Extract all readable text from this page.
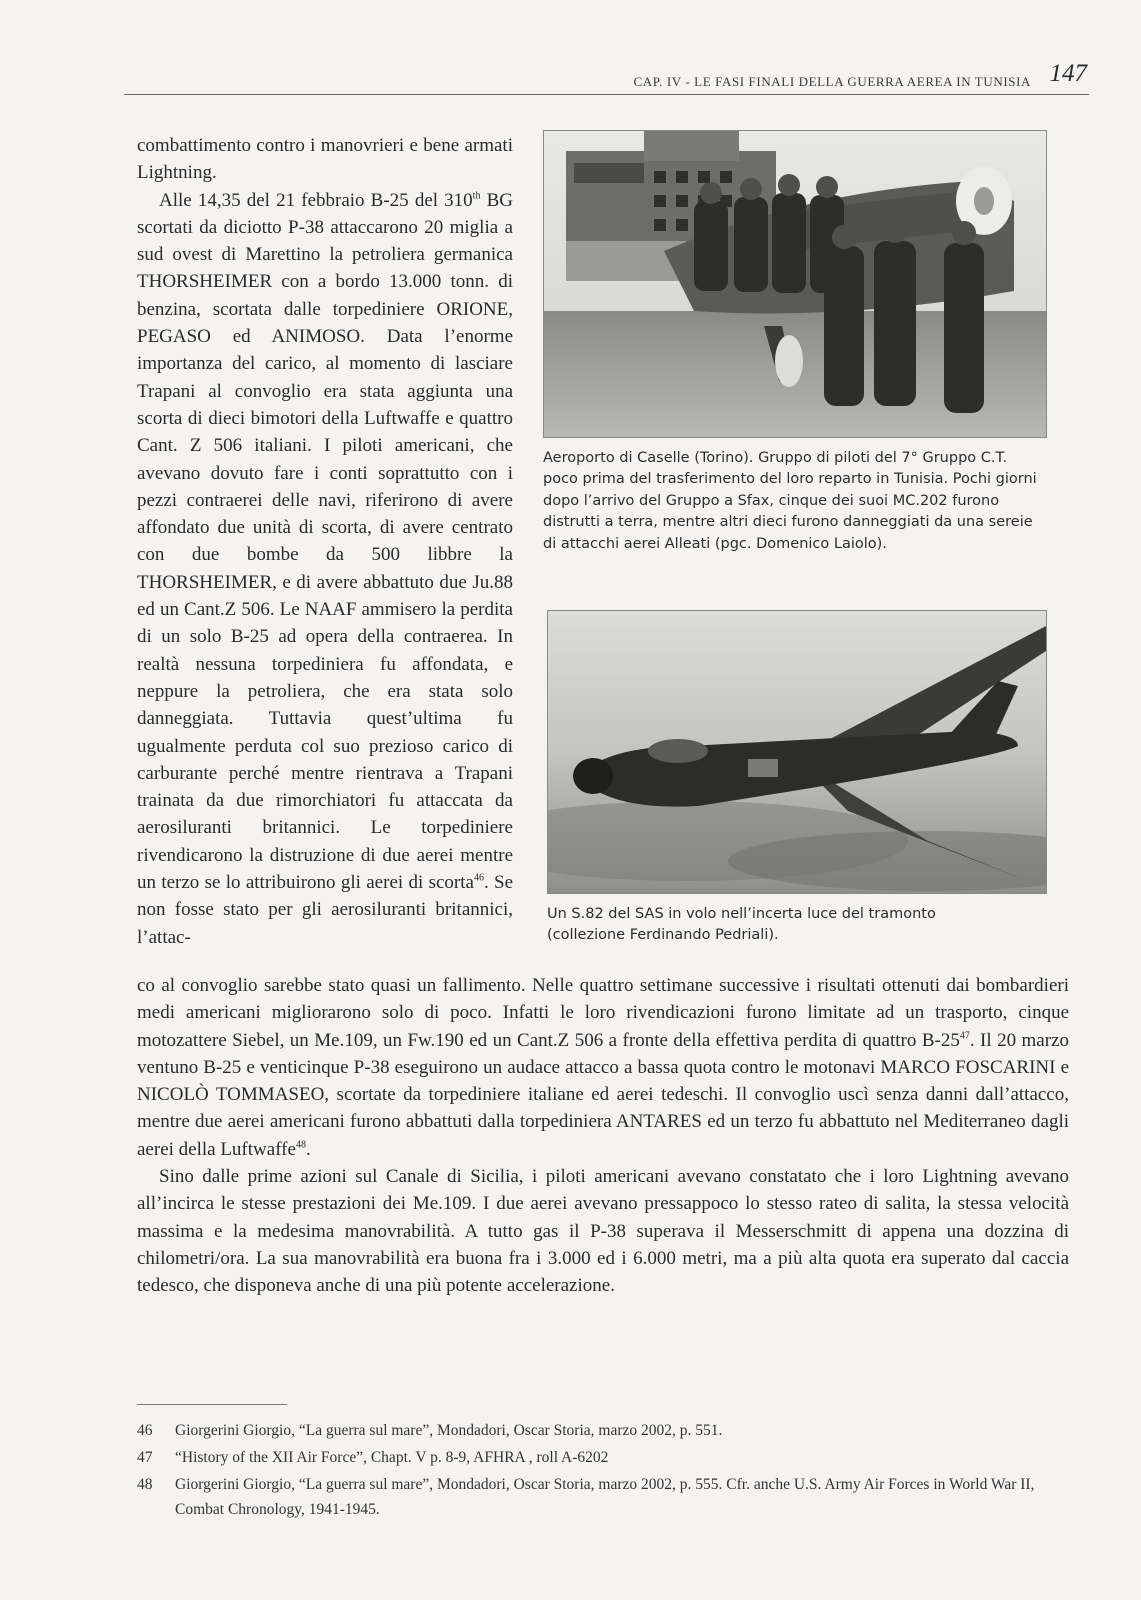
CAP. IV - LE FASI FINALI DELLA GUERRA AEREA IN TUNISIA 147

combattimento contro i manovrieri e bene armati Lightning.

Alle 14,35 del 21 febbraio B-25 del 310th BG scortati da diciotto P-38 attaccarono 20 miglia a sud ovest di Marettino la petroliera germanica THORSHEIMER con a bordo 13.000 tonn. di benzina, scortata dalle torpediniere ORIONE, PEGASO ed ANIMOSO. Data l’enorme importanza del carico, al momento di lasciare Trapani al convoglio era stata aggiunta una scorta di dieci bimotori della Luftwaffe e quattro Cant. Z 506 italiani. I piloti americani, che avevano dovuto fare i conti soprattutto con i pezzi contraerei delle navi, riferirono di avere affondato due unità di scorta, di avere centrato con due bombe da 500 libbre la THORSHEIMER, e di avere abbattuto due Ju.88 ed un Cant.Z 506. Le NAAF ammisero la perdita di un solo B-25 ad opera della contraerea. In realtà nessuna torpediniera fu affondata, e neppure la petroliera, che era stata solo danneggiata. Tuttavia quest’ultima fu ugualmente perduta col suo prezioso carico di carburante perché mentre rientrava a Trapani trainata da due rimorchiatori fu attaccata da aerosiluranti britannici. Le torpediniere rivendicarono la distruzione di due aerei mentre un terzo se lo attribuirono gli aerei di scorta$^{46}$. Se non fosse stato per gli aerosiluranti britannici, l’attac-

Aeroporto di Caselle (Torino). Gruppo di piloti del 7° Gruppo C.T. poco prima del trasferimento del loro reparto in Tunisia. Pochi giorni dopo l’arrivo del Gruppo a Sfax, cinque dei suoi MC.202 furono distrutti a terra, mentre altri dieci furono danneggiati da una sereie di attacchi aerei Alleati (pgc. Domenico Laiolo).

Un S.82 del SAS in volo nell’incerta luce del tramonto (collezione Ferdinando Pedriali).

co al convoglio sarebbe stato quasi un fallimento. Nelle quattro settimane successive i risultati ottenuti dai bombardieri medi americani migliorarono solo di poco. Infatti le loro rivendicazioni furono limitate ad un trasporto, cinque motozattere Siebel, un Me.109, un Fw.190 ed un Cant.Z 506 a fronte della effettiva perdita di quattro B-25$^{47}$. Il 20 marzo ventuno B-25 e venticinque P-38 eseguirono un audace attacco a bassa quota contro le motonavi MARCO FOSCARINI e NICOLÒ TOMMASEO, scortate da torpediniere italiane ed aerei tedeschi. Il convoglio uscì senza danni dall’attacco, mentre due aerei americani furono abbattuti dalla torpediniera ANTARES ed un terzo fu abbattuto nel Mediterraneo dagli aerei della Luftwaffe$^{48}$.

Sino dalle prime azioni sul Canale di Sicilia, i piloti americani avevano constatato che i loro Lightning avevano all’incirca le stesse prestazioni dei Me.109. I due aerei avevano pressappoco lo stesso rateo di salita, la stessa velocità massima e la medesima manovrabilità. A tutto gas il P-38 superava il Messerschmitt di appena una dozzina di chilometri/ora. La sua manovrabilità era buona fra i 3.000 ed i 6.000 metri, ma a più alta quota era superato dal caccia tedesco, che disponeva anche di una più potente accelerazione.

46 Giorgerini Giorgio, “La guerra sul mare”, Mondadori, Oscar Storia, marzo 2002, p. 551.
47 “History of the XII Air Force”, Chapt. V p. 8-9, AFHRA , roll A-6202
48 Giorgerini Giorgio, “La guerra sul mare”, Mondadori, Oscar Storia, marzo 2002, p. 555. Cfr. anche U.S. Army Air Forces in World War II, Combat Chronology, 1941-1945.
